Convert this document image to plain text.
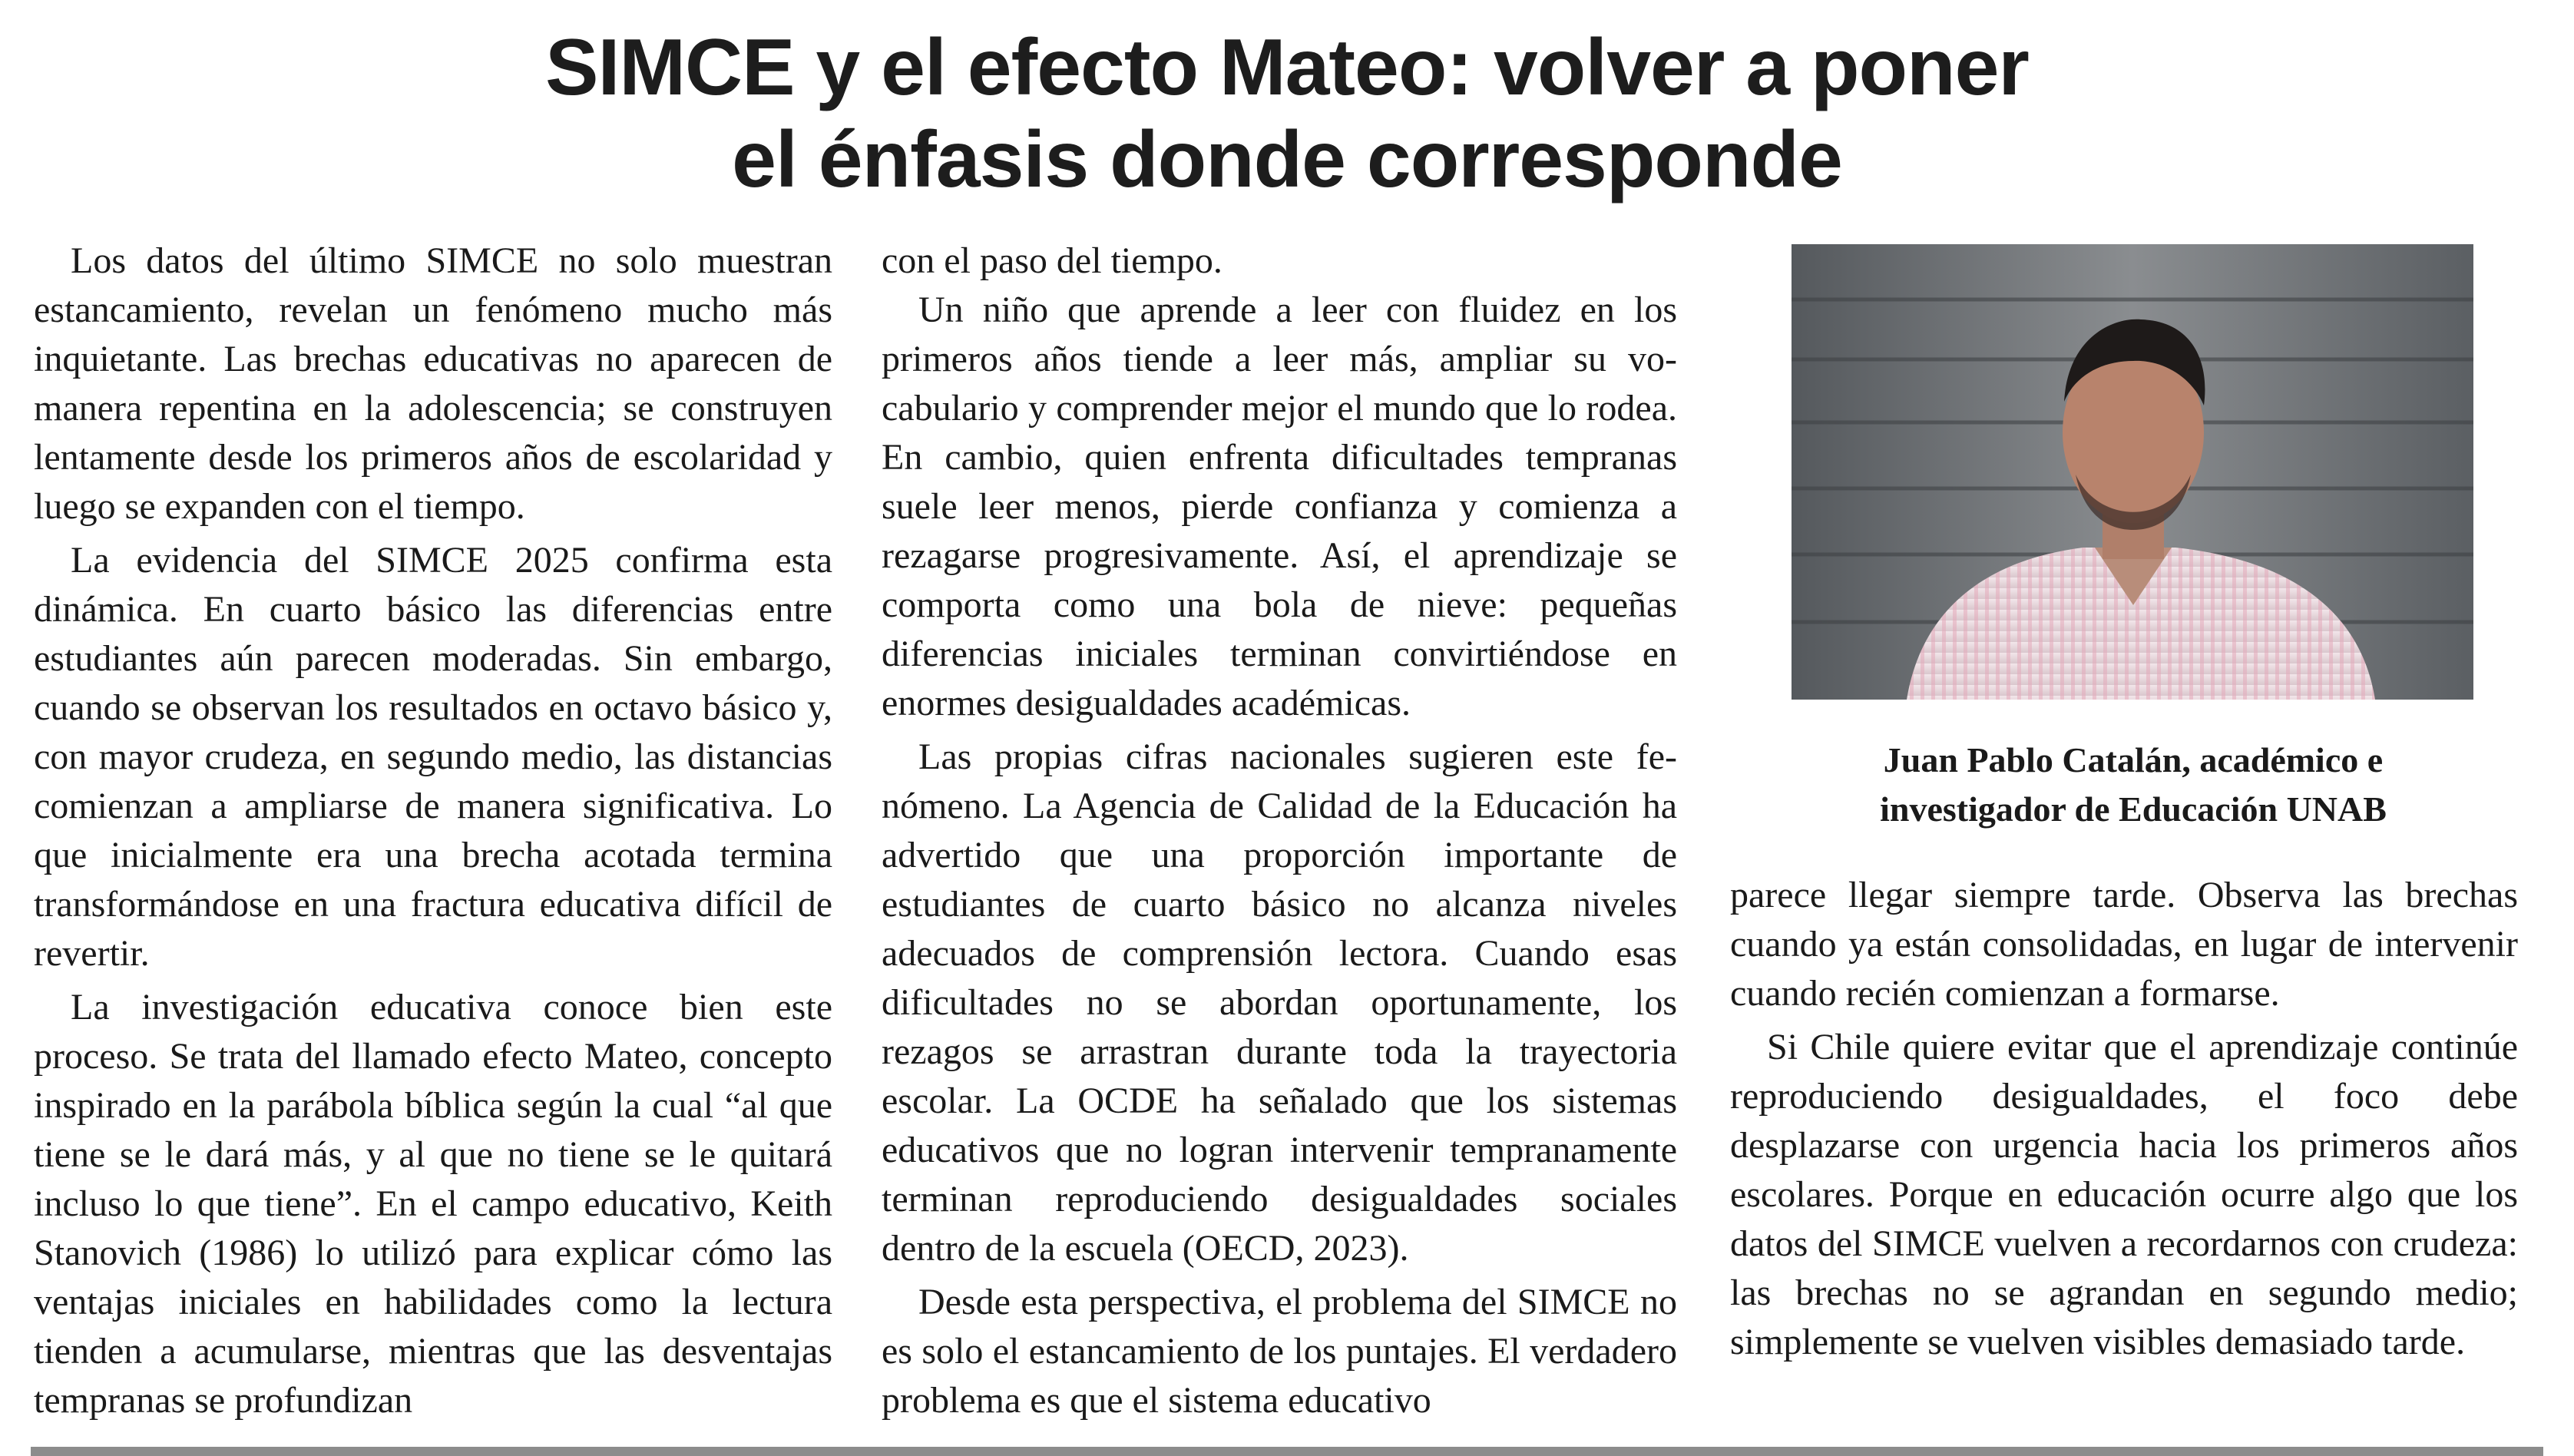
SIMCE y el efecto Mateo: volver a poner
el énfasis donde corresponde

Los datos del último SIMCE no solo muestran estancamiento, revelan un fenómeno mucho más inquietante. Las brechas educativas no aparecen de manera repentina en la adolescencia; se construyen lentamente desde los primeros años de escolaridad y luego se expanden con el tiempo.

La evidencia del SIMCE 2025 confirma esta dinámica. En cuarto básico las diferencias entre estudiantes aún parecen moderadas. Sin embargo, cuando se observan los resultados en octavo básico y, con mayor crudeza, en segundo medio, las distancias comienzan a ampliarse de manera significativa. Lo que inicialmente era una brecha acotada termina transformándose en una fractura educativa difícil de revertir.

La investigación educativa conoce bien este proceso. Se trata del llamado efecto Mateo, concepto inspirado en la parábola bíblica según la cual “al que tiene se le dará más, y al que no tiene se le quitará incluso lo que tiene”. En el campo educativo, Keith Stanovich (1986) lo utilizó para explicar cómo las ventajas iniciales en habilidades como la lectura tienden a acumularse, mientras que las desventajas tempranas se profundizan

con el paso del tiempo.

Un niño que aprende a leer con fluidez en los primeros años tiende a leer más, ampliar su vocabulario y comprender mejor el mundo que lo rodea. En cambio, quien enfrenta dificultades tempranas suele leer menos, pierde confianza y comienza a rezagarse progresivamente. Así, el aprendizaje se comporta como una bola de nieve: pequeñas diferencias iniciales terminan convirtiéndose en enormes desigualdades académicas.

Las propias cifras nacionales sugieren este fenómeno. La Agencia de Calidad de la Educación ha advertido que una proporción importante de estudiantes de cuarto básico no alcanza niveles adecuados de comprensión lectora. Cuando esas dificultades no se abordan oportunamente, los rezagos se arrastran durante toda la trayectoria escolar. La OCDE ha señalado que los sistemas educativos que no logran intervenir tempranamente terminan reproduciendo desigualdades sociales dentro de la escuela (OECD, 2023).

Desde esta perspectiva, el problema del SIMCE no es solo el estancamiento de los puntajes. El verdadero problema es que el sistema educativo

Juan Pablo Catalán, académico e
investigador de Educación UNAB

parece llegar siempre tarde. Observa las brechas cuando ya están consolidadas, en lugar de intervenir cuando recién comienzan a formarse.

Si Chile quiere evitar que el aprendizaje continúe reproduciendo desigualdades, el foco debe desplazarse con urgencia hacia los primeros años escolares. Porque en educación ocurre algo que los datos del SIMCE vuelven a recordarnos con crudeza: las brechas no se agrandan en segundo medio; simplemente se vuelven visibles demasiado tarde.
